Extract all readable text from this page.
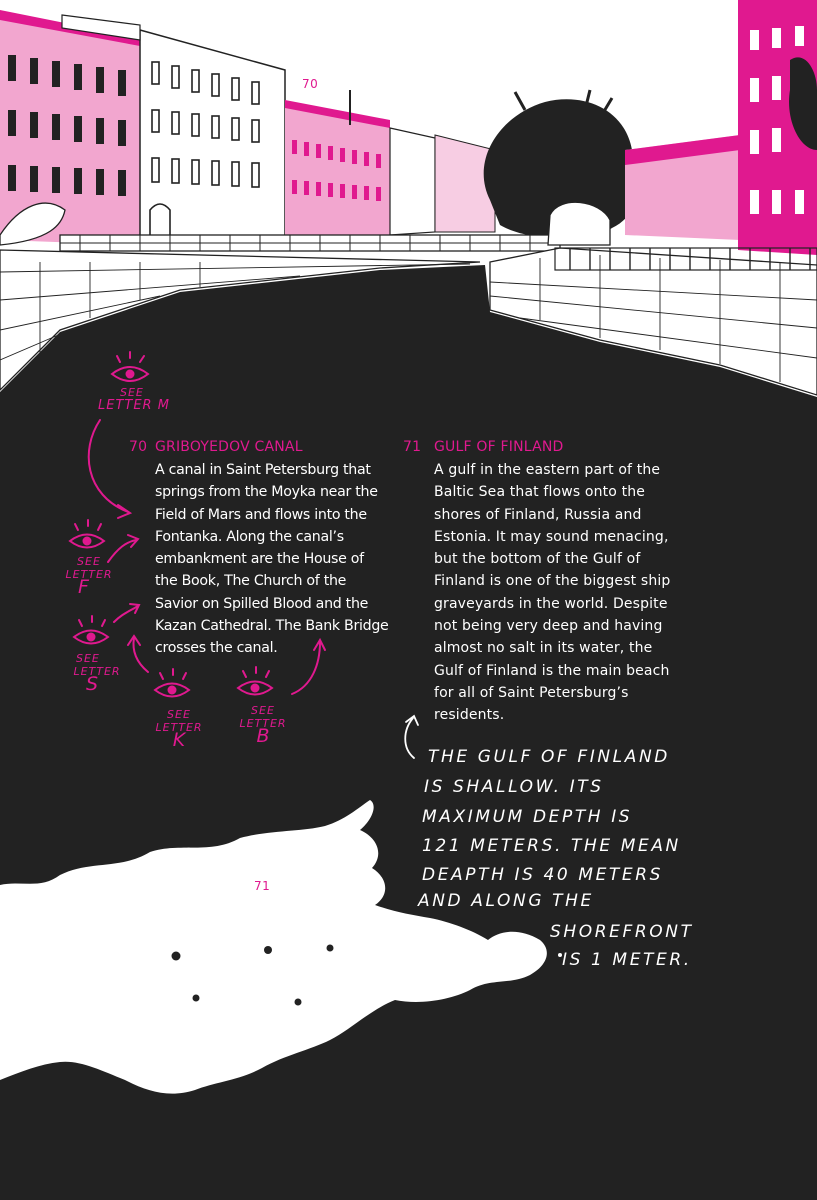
70
71
SEE
LETTER M
SEE
LETTER
F
SEE
LETTER
S
SEE
LETTER
K
SEE
LETTER
B
70 GRIBOYEDOV CANAL

A canal in Saint Petersburg that springs from the Moyka near the Field of Mars and flows into the Fontanka. Along the canal’s embankment are the House of the Book, The Church of the Savior on Spilled Blood and the Kazan Cathedral. The Bank Bridge crosses the canal.

71 GULF OF FINLAND

A gulf in the eastern part of the Baltic Sea that flows onto the shores of Finland, Russia and Estonia. It may sound menacing, but the bottom of the Gulf of Finland is one of the biggest ship graveyards in the world. Despite not being very deep and having almost no salt in its water, the Gulf of Finland is the main beach for all of Saint Petersburg’s residents.

THE GULF OF FINLAND
IS SHALLOW. ITS
MAXIMUM DEPTH IS
121 METERS. THE MEAN
DEAPTH IS 40 METERS
AND ALONG THE
SHOREFRONT
IS 1 METER.
